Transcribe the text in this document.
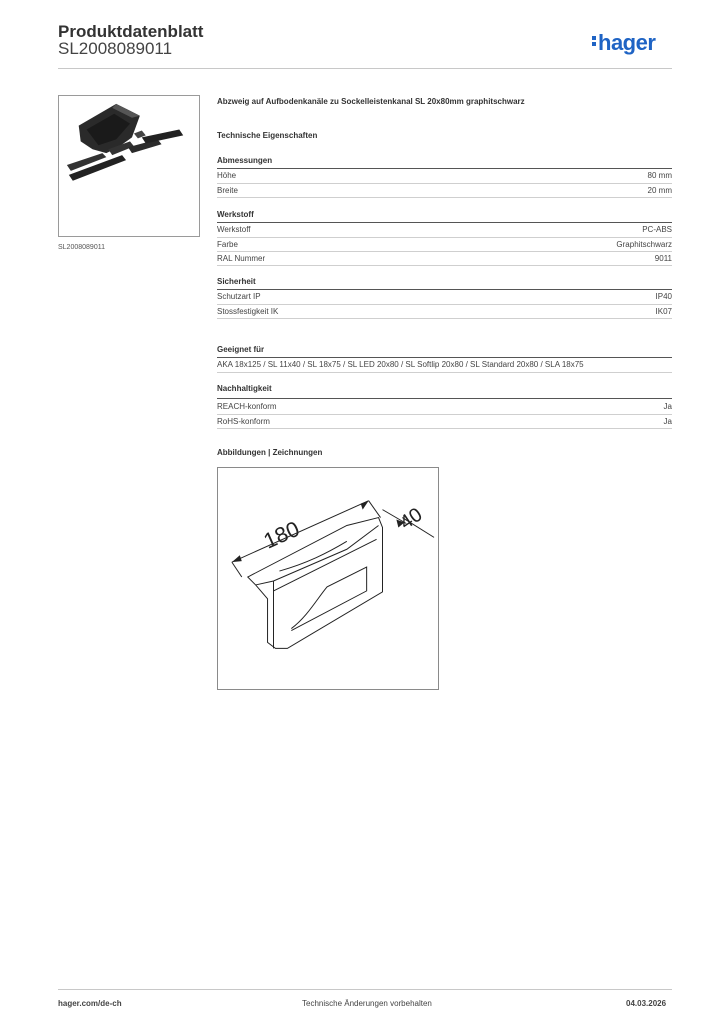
Produktdatenblatt
SL2008089011	hager
SL2008089011
Abzweig auf Aufbodenkanäle zu Sockelleistenkanal SL 20x80mm graphitschwarz
Technische Eigenschaften
Abmessungen
Höhe	80 mm
Breite	20 mm
Werkstoff
Werkstoff	PC-ABS
Farbe	Graphitschwarz
RAL Nummer	9011
Sicherheit
Schutzart IP	IP40
Stossfestigkeit IK	IK07
Geeignet für
AKA 18x125 / SL 11x40 / SL 18x75 / SL LED 20x80 / SL Softlip 20x80 / SL Standard 20x80 / SLA 18x75
Nachhaltigkeit
REACH-konform	Ja
RoHS-konform	Ja
Abbildungen | Zeichnungen
180	40
hager.com/de-ch	Technische Änderungen vorbehalten	04.03.2026
